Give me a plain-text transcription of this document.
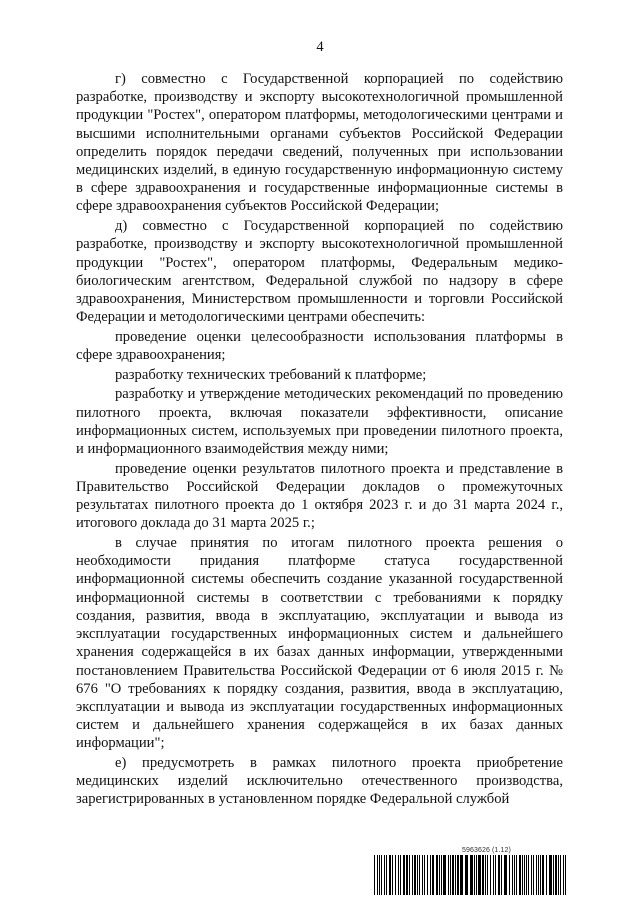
4

г) совместно с Государственной корпорацией по содействию разработке, производству и экспорту высокотехнологичной промышленной продукции "Ростех", оператором платформы, методологическими центрами и высшими исполнительными органами субъектов Российской Федерации определить порядок передачи сведений, полученных при использовании медицинских изделий, в единую государственную информационную систему в сфере здравоохранения и государственные информационные системы в сфере здравоохранения субъектов Российской Федерации;

д) совместно с Государственной корпорацией по содействию разработке, производству и экспорту высокотехнологичной промышленной продукции "Ростех", оператором платформы, Федеральным медико-биологическим агентством, Федеральной службой по надзору в сфере здравоохранения, Министерством промышленности и торговли Российской Федерации и методологическими центрами обеспечить:

проведение оценки целесообразности использования платформы в сфере здравоохранения;

разработку технических требований к платформе;

разработку и утверждение методических рекомендаций по проведению пилотного проекта, включая показатели эффективности, описание информационных систем, используемых при проведении пилотного проекта, и информационного взаимодействия между ними;

проведение оценки результатов пилотного проекта и представление в Правительство Российской Федерации докладов о промежуточных результатах пилотного проекта до 1 октября 2023 г. и до 31 марта 2024 г., итогового доклада до 31 марта 2025 г.;

в случае принятия по итогам пилотного проекта решения о необходимости придания платформе статуса государственной информационной системы обеспечить создание указанной государственной информационной системы в соответствии с требованиями к порядку создания, развития, ввода в эксплуатацию, эксплуатации и вывода из эксплуатации государственных информационных систем и дальнейшего хранения содержащейся в их базах данных информации, утвержденными постановлением Правительства Российской Федерации от 6 июля 2015 г. № 676 "О требованиях к порядку создания, развития, ввода в эксплуатацию, эксплуатации и вывода из эксплуатации государственных информационных систем и дальнейшего хранения содержащейся в их базах данных информации";

е) предусмотреть в рамках пилотного проекта приобретение медицинских изделий исключительно отечественного производства, зарегистрированных в установленном порядке Федеральной службой

5963626 (1.12)
